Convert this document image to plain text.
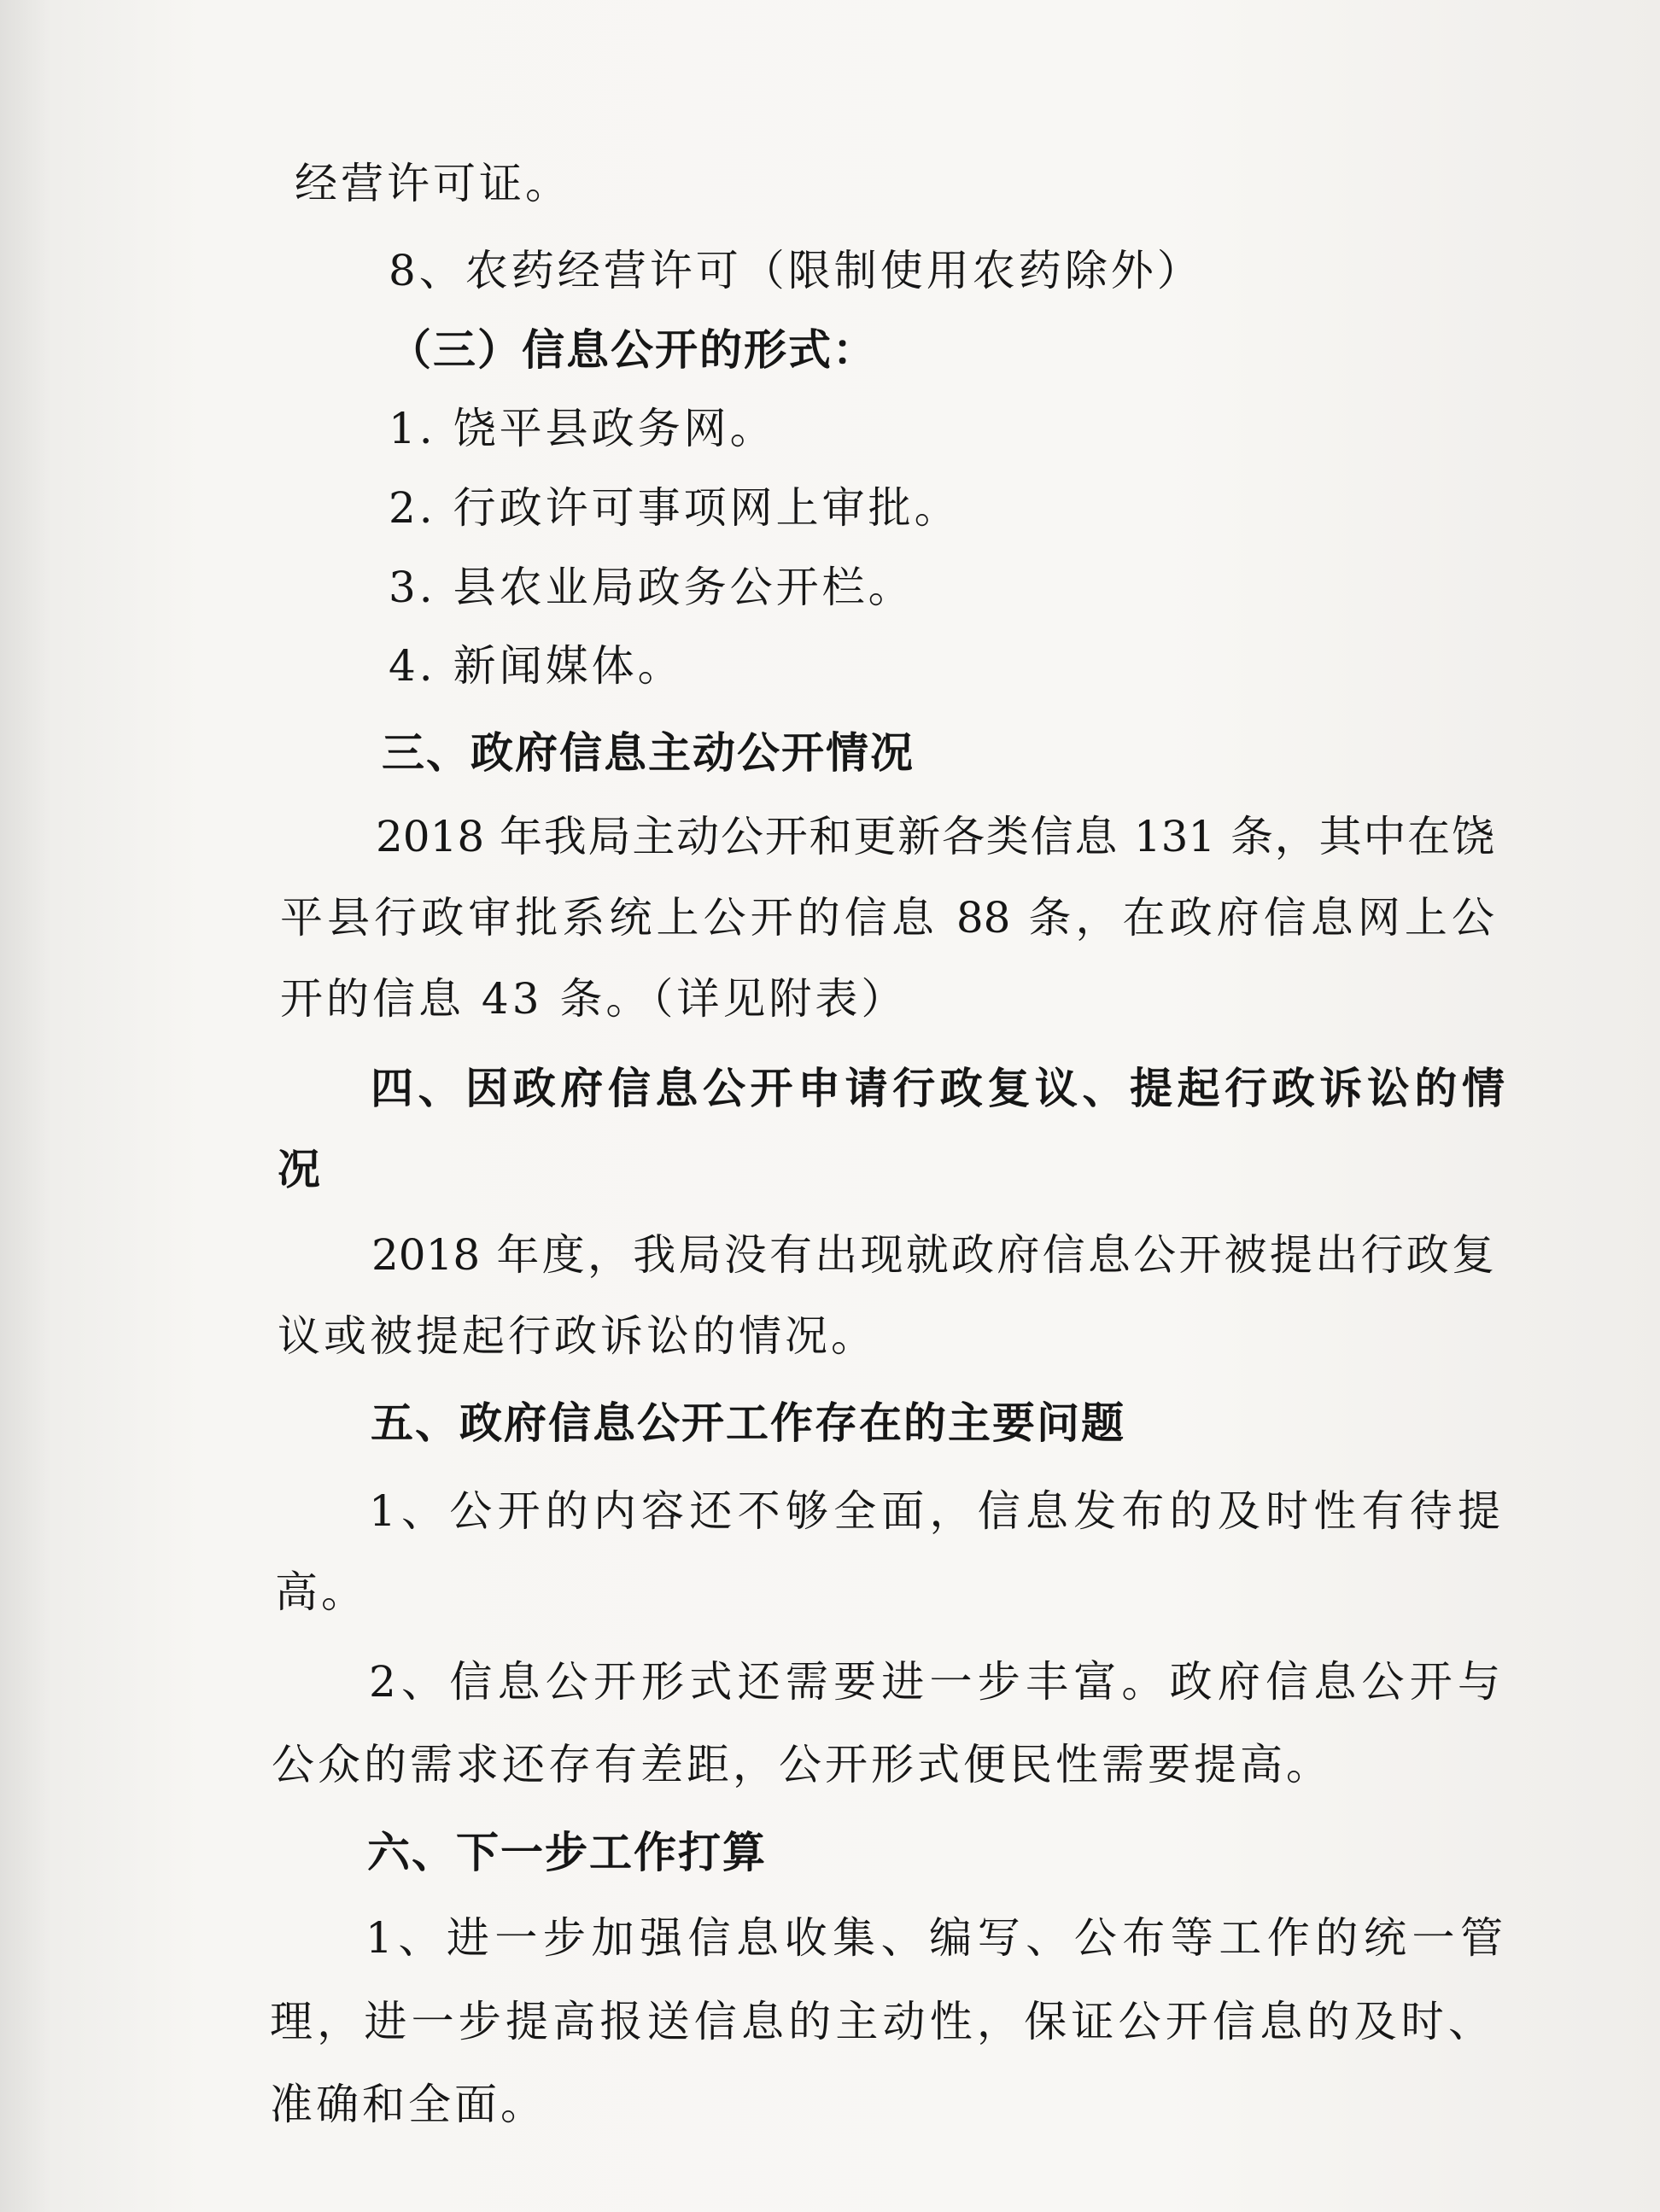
经营许可证。
8、农药经营许可（限制使用农药除外）
（三）信息公开的形式：
1. 饶平县政务网。
2. 行政许可事项网上审批。
3. 县农业局政务公开栏。
4. 新闻媒体。
三、政府信息主动公开情况
2018 年我局主动公开和更新各类信息 131 条，其中在饶
平县行政审批系统上公开的信息 88 条，在政府信息网上公
开的信息 43 条。（详见附表）
四、因政府信息公开申请行政复议、提起行政诉讼的情
况
2018 年度，我局没有出现就政府信息公开被提出行政复
议或被提起行政诉讼的情况。
五、政府信息公开工作存在的主要问题
1、公开的内容还不够全面，信息发布的及时性有待提
高。
2、信息公开形式还需要进一步丰富。政府信息公开与
公众的需求还存有差距，公开形式便民性需要提高。
六、下一步工作打算
1、进一步加强信息收集、编写、公布等工作的统一管
理，进一步提高报送信息的主动性，保证公开信息的及时、
准确和全面。
